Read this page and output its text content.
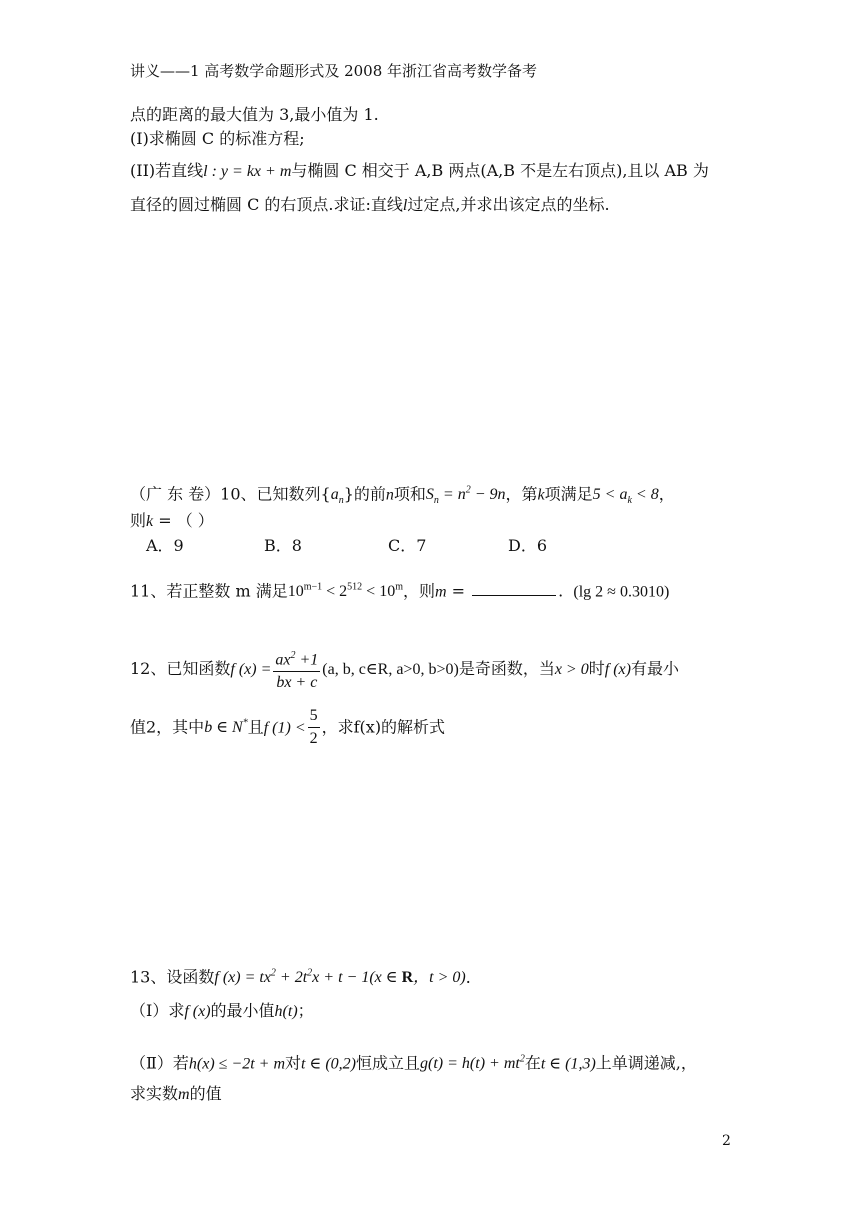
讲义——1 高考数学命题形式及 2008 年浙江省高考数学备考
点的距离的最大值为 3,最小值为 1.
(I)求椭圆 C 的标准方程;
(II)若直线l : y = kx + m与椭圆 C 相交于 A,B 两点(A,B 不是左右顶点),且以 AB 为
直径的圆过椭圆 C 的右顶点.求证:直线l过定点,并求出该定点的坐标.
（广 东 卷）10、已知数列$\{a_n\}$的前n项和$S_n = n^2 - 9n$，第k项满足$5 < a_k < 8$，
则k = （ ）
A．9	B．8	C．7	D．6
11、若正整数 m 满足$10^{m-1} < 2^{512} < 10^m$，则m =	. (lg 2 ≈ 0.3010)
12、已知函数f $(x) = \frac{ax^2 +1}{bx + c} (a$, b, c∈R, a>0, b>0)是奇函数，当x > 0时f (x)有最小
值2，其中b ∈ N*且f $(1) < \frac{5}{2}$ ，求f(x)的解析式
13、设函数f $(x) = tx^2 + 2t^2x + t - 1(x$ ∈ R，t > 0)．
（Ⅰ）求f (x)的最小值h(t)；
（Ⅱ）若h(x) ≤ −2t + m对t ∈ (0,2)恒成立且$g(t) = h(t) + mt^2$在t ∈ (1,3)上单调递减,，
求实数m的值
2
